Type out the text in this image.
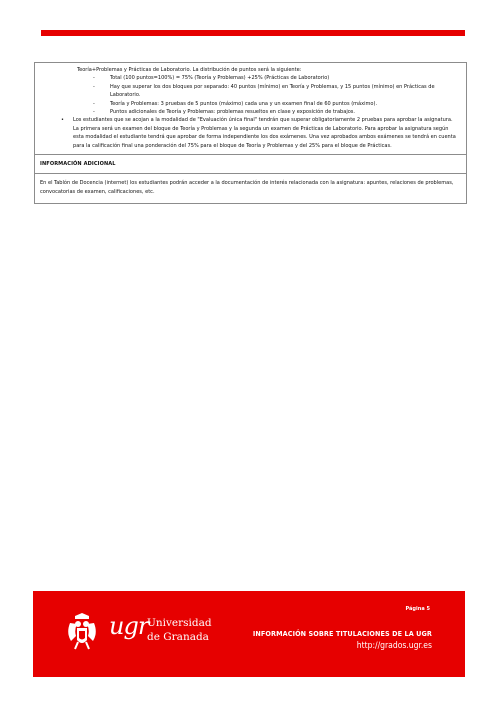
Teoría+Problemas y Prácticas de Laboratorio. La distribución de puntos será la siguiente:
- Total (100 puntos=100%) = 75% (Teoría y Problemas) +25% (Prácticas de Laboratorio)
- Hay que superar los dos bloques por separado: 40 puntos (mínimo) en Teoría y Problemas, y 15 puntos (mínimo) en Prácticas de Laboratorio.
- Teoría y Problemas: 3 pruebas de 5 puntos (máximo) cada una y un examen final de 60 puntos (máximo).
- Puntos adicionales de Teoría y Problemas: problemas resueltos en clase y exposición de trabajos.
• Los estudiantes que se acojan a la modalidad de "Evaluación única final" tendrán que superar obligatoriamente 2 pruebas para aprobar la asignatura. La primera será un examen del bloque de Teoría y Problemas y la segunda un examen de Prácticas de Laboratorio. Para aprobar la asignatura según esta modalidad el estudiante tendrá que aprobar de forma independiente los dos exámenes. Una vez aprobados ambos exámenes se tendrá en cuenta para la calificación final una ponderación del 75% para el bloque de Teoría y Problemas y del 25% para el bloque de Prácticas.
INFORMACIÓN ADICIONAL
En el Tablón de Docencia (internet) los estudiantes podrán acceder a la documentación de interés relacionada con la asignatura: apuntes, relaciones de problemas, convocatorias de examen, calificaciones, etc.
ugr
Universidad
de Granada
Página 5
INFORMACIÓN SOBRE TITULACIONES DE LA UGR
http://grados.ugr.es
